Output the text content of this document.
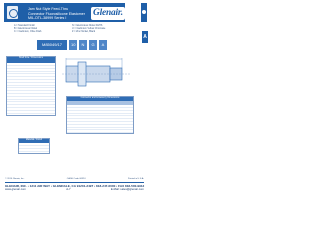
Jam Nut Style Feed-Thru
Connector Fluorosilicone Elastomer
MIL-DTL-38999 Series I
Glenair.
A
A = Standard Finish
B = Electroless Nickel
C = Cadmium, Olive Drab
N = Electroless Nickel RoHS
U = Cadmium Yellow Chromate
Z = Zinc Nickel, Black
M85049/17	10	N	G	A
Shell Size / Dimensions
Connector and Accessory Dimensions
Material / Finish
© 2014 Glenair, Inc.	CAGE Code 06324	Printed in U.S.A.
GLENAIR, INC. • 1211 AIR WAY • GLENDALE, CA 91201-2497 • 818-247-6000 • FAX 818-500-9912
www.glenair.com	A-7	E-Mail: sales@glenair.com
